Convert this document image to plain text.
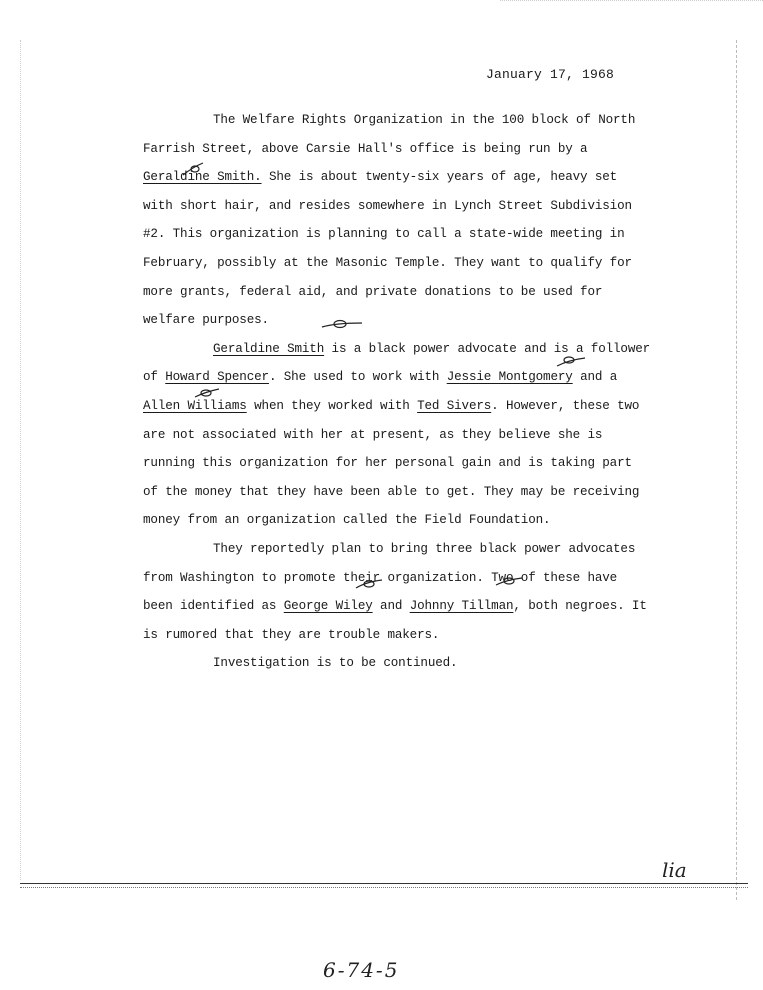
January 17, 1968

The Welfare Rights Organization in the 100 block of North Farrish Street, above Carsie Hall's office is being run by a Geraldine Smith. She is about twenty-six years of age, heavy set with short hair, and resides somewhere in Lynch Street Subdivision #2. This organization is planning to call a state-wide meeting in February, possibly at the Masonic Temple. They want to qualify for more grants, federal aid, and private donations to be used for welfare purposes.

Geraldine Smith is a black power advocate and is a follower of Howard Spencer. She used to work with Jessie Montgomery and a Allen Williams when they worked with Ted Sivers. However, these two are not associated with her at present, as they believe she is running this organization for her personal gain and is taking part of the money that they have been able to get. They may be receiving money from an organization called the Field Foundation.

They reportedly plan to bring three black power advocates from Washington to promote their organization. Two of these have been identified as George Wiley and Johnny Tillman, both negroes. It is rumored that they are trouble makers.

Investigation is to be continued.

lia
6-74-5
